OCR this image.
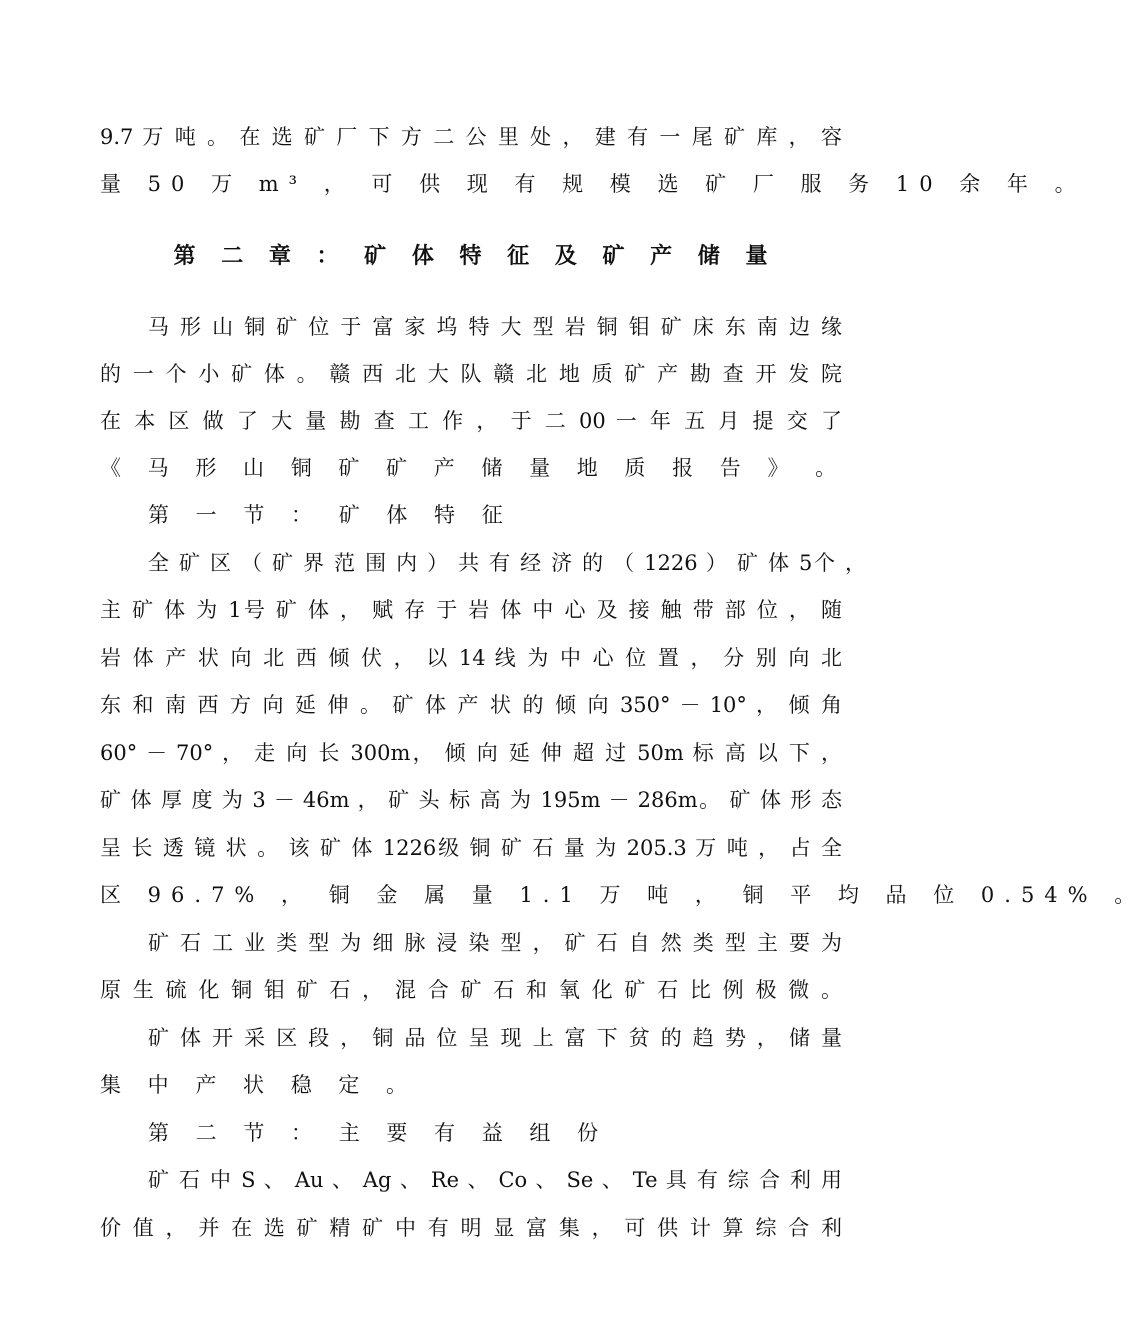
9.7 万 吨 。 在 选 矿 厂 下 方 二 公 里 处 ， 建 有 一 尾 矿 库 ， 容
量 50 万 m³ ， 可 供 现 有 规 模 选 矿 厂 服 务 10 余 年 。
第 二 章 ： 矿 体 特 征 及 矿 产 储 量
马 形 山 铜 矿 位 于 富 家 坞 特 大 型 岩 铜 钼 矿 床 东 南 边 缘
的 一 个 小 矿 体 。 赣 西 北 大 队 赣 北 地 质 矿 产 勘 查 开 发 院
在 本 区 做 了 大 量 勘 查 工 作 ， 于 二 00 一 年 五 月 提 交 了
《 马 形 山 铜 矿 矿 产 储 量 地 质 报 告 》 。
第 一 节 ： 矿 体 特 征
全 矿 区 （ 矿 界 范 围 内 ） 共 有 经 济 的 （ 1226 ） 矿 体 5个 ，
主 矿 体 为 1号 矿 体 ， 赋 存 于 岩 体 中 心 及 接 触 带 部 位 ， 随
岩 体 产 状 向 北 西 倾 伏 ， 以 14 线 为 中 心 位 置 ， 分 别 向 北
东 和 南 西 方 向 延 伸 。 矿 体 产 状 的 倾 向 350° － 10° ， 倾 角
60° － 70° ， 走 向 长 300m， 倾 向 延 伸 超 过 50m 标 高 以 下 ，
矿 体 厚 度 为 3 － 46m ， 矿 头 标 高 为 195m － 286m。 矿 体 形 态
呈 长 透 镜 状 。 该 矿 体 1226级 铜 矿 石 量 为 205.3 万 吨 ， 占 全
区 96.7% ， 铜 金 属 量 1.1 万 吨 ， 铜 平 均 品 位 0.54% 。
矿 石 工 业 类 型 为 细 脉 浸 染 型 ， 矿 石 自 然 类 型 主 要 为
原 生 硫 化 铜 钼 矿 石 ， 混 合 矿 石 和 氧 化 矿 石 比 例 极 微 。
矿 体 开 采 区 段 ， 铜 品 位 呈 现 上 富 下 贫 的 趋 势 ， 储 量
集 中 产 状 稳 定 。
第 二 节 ： 主 要 有 益 组 份
矿 石 中 S 、 Au 、 Ag 、 Re 、 Co 、 Se 、 Te 具 有 综 合 利 用
价 值 ， 并 在 选 矿 精 矿 中 有 明 显 富 集 ， 可 供 计 算 综 合 利
